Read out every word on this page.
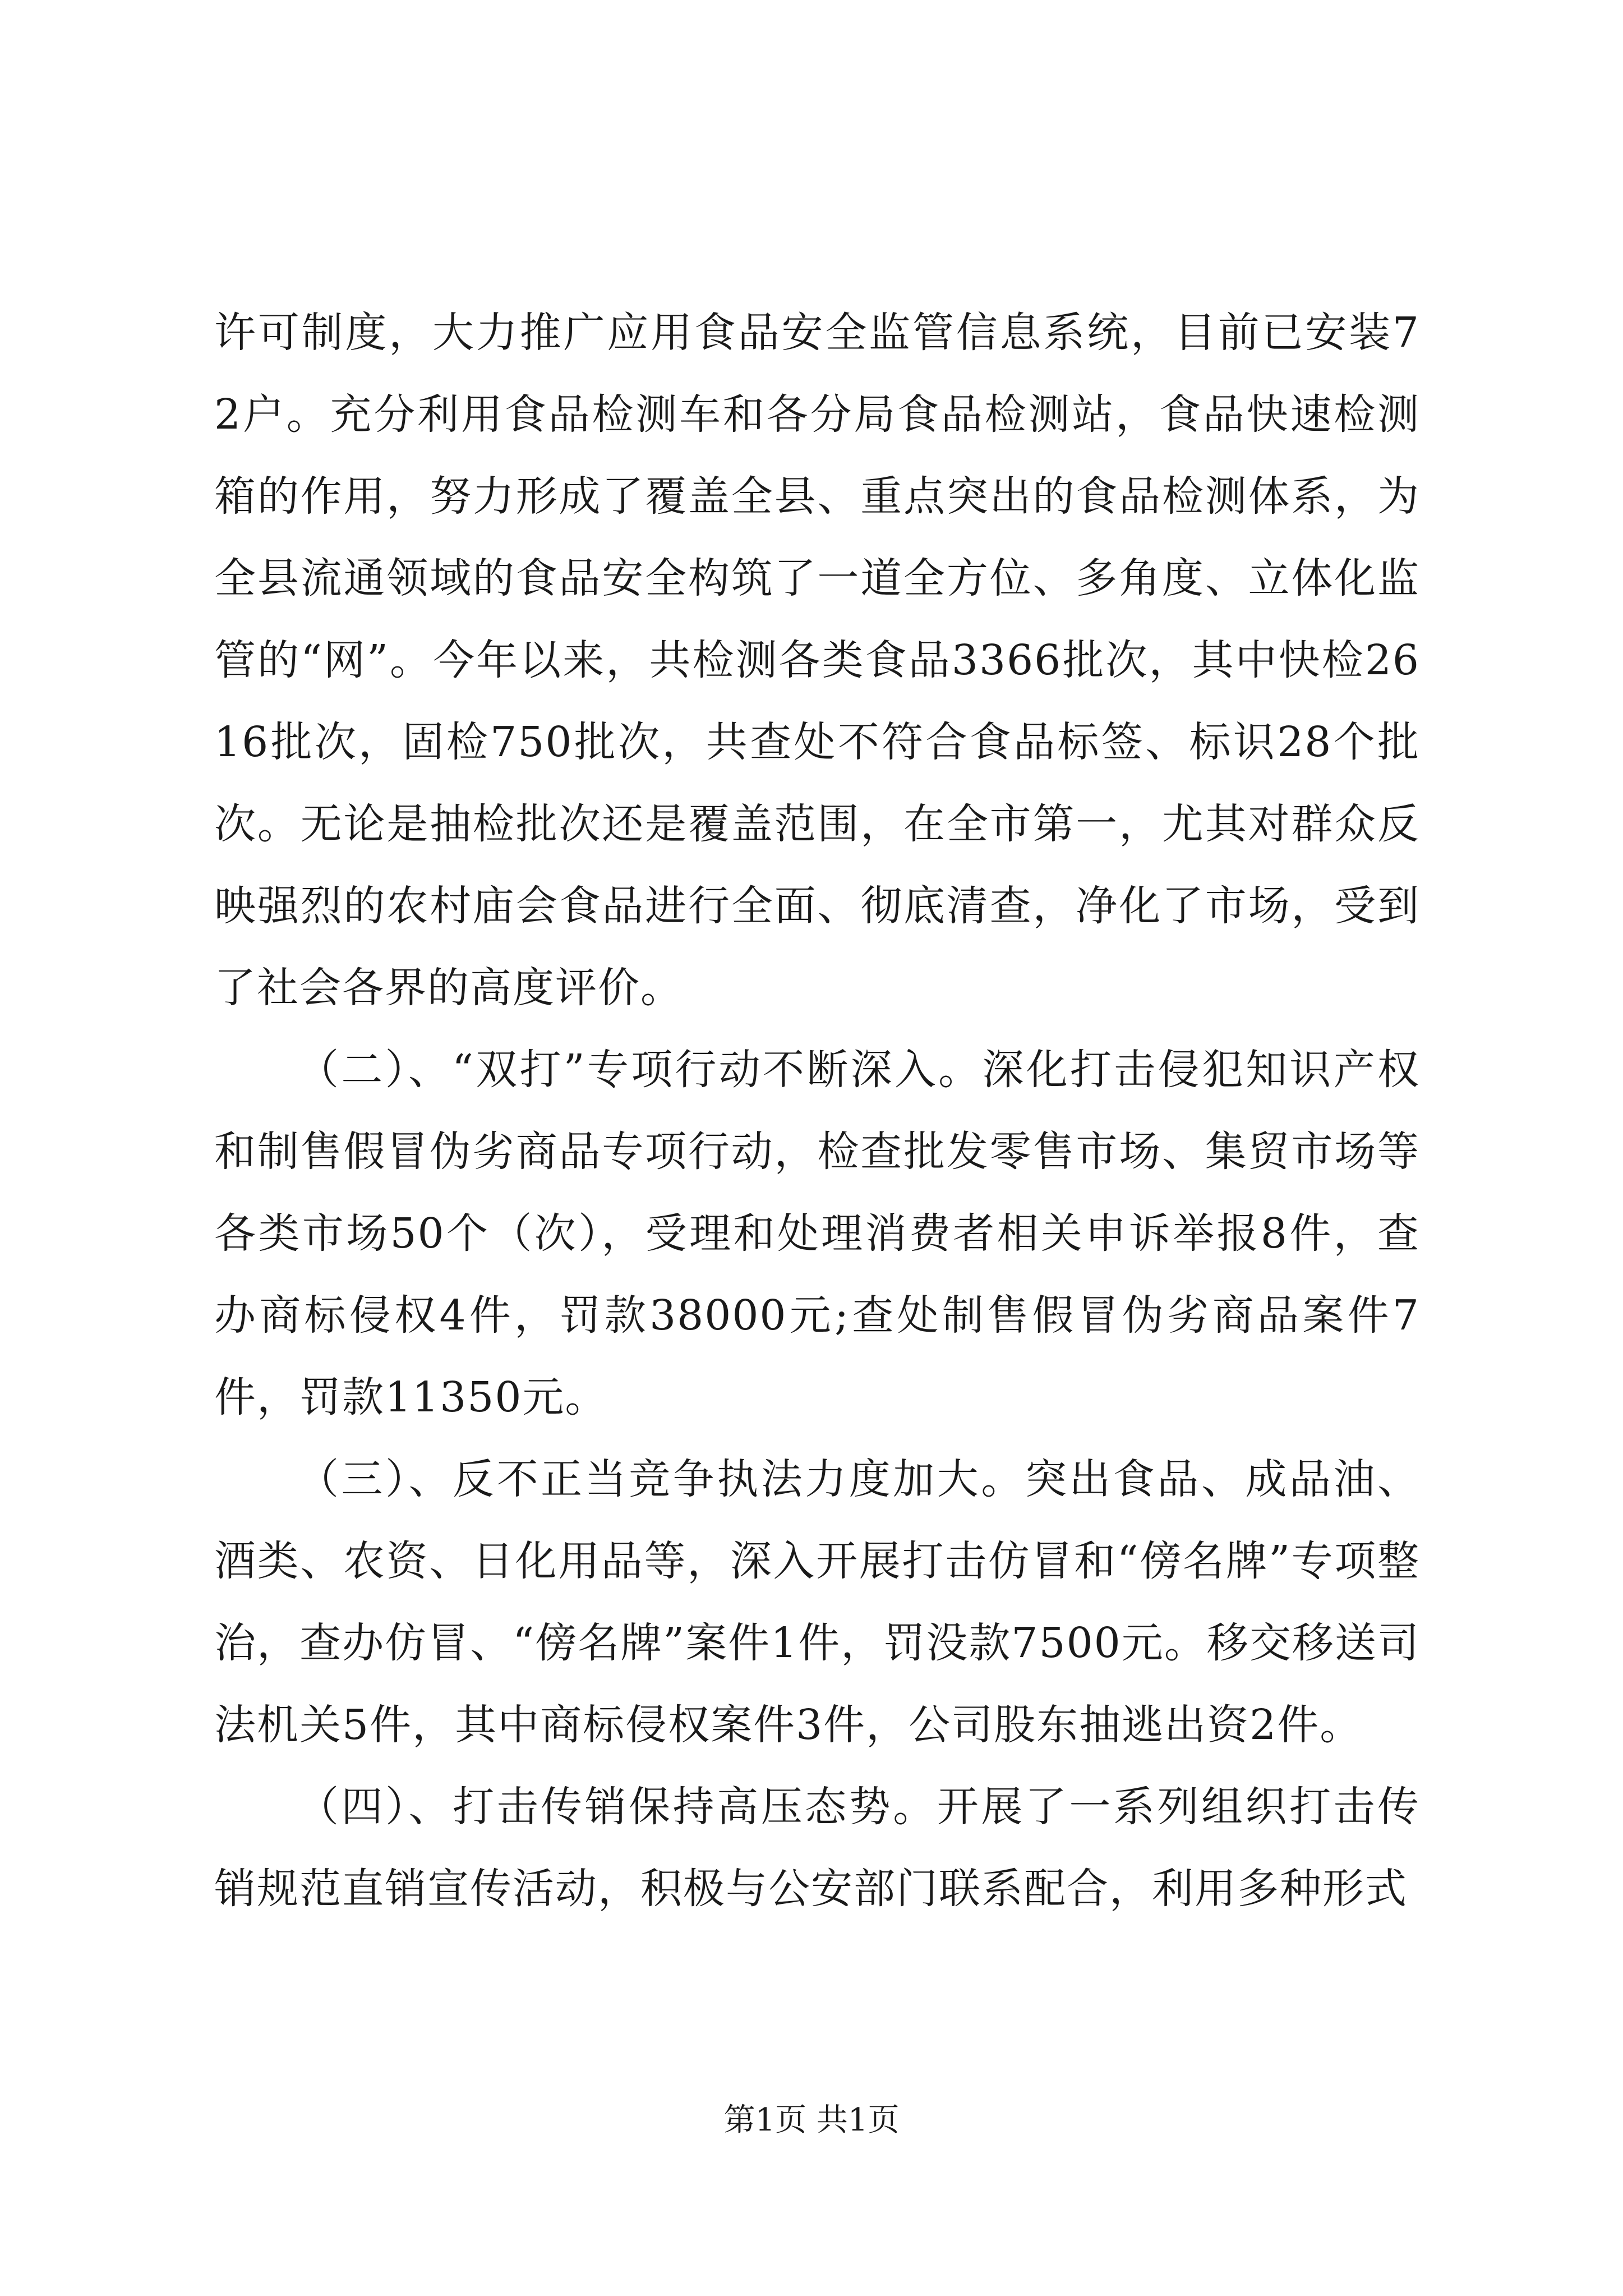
许可制度，大力推广应用食品安全监管信息系统，目前已安装72户。充分利用食品检测车和各分局食品检测站，食品快速检测箱的作用，努力形成了覆盖全县、重点突出的食品检测体系，为全县流通领域的食品安全构筑了一道全方位、多角度、立体化监管的“网”。今年以来，共检测各类食品3366批次，其中快检2616批次，固检750批次，共查处不符合食品标签、标识28个批次。无论是抽检批次还是覆盖范围，在全市第一，尤其对群众反映强烈的农村庙会食品进行全面、彻底清查，净化了市场，受到了社会各界的高度评价。

（二）、“双打”专项行动不断深入。深化打击侵犯知识产权和制售假冒伪劣商品专项行动，检查批发零售市场、集贸市场等各类市场50个（次），受理和处理消费者相关申诉举报8件，查办商标侵权4件，罚款38000元;查处制售假冒伪劣商品案件7件，罚款11350元。

（三）、反不正当竞争执法力度加大。突出食品、成品油、酒类、农资、日化用品等，深入开展打击仿冒和“傍名牌”专项整治，查办仿冒、“傍名牌”案件1件，罚没款7500元。移交移送司法机关5件，其中商标侵权案件3件，公司股东抽逃出资2件。

（四）、打击传销保持高压态势。开展了一系列组织打击传销规范直销宣传活动，积极与公安部门联系配合，利用多种形式

第1页 共1页
